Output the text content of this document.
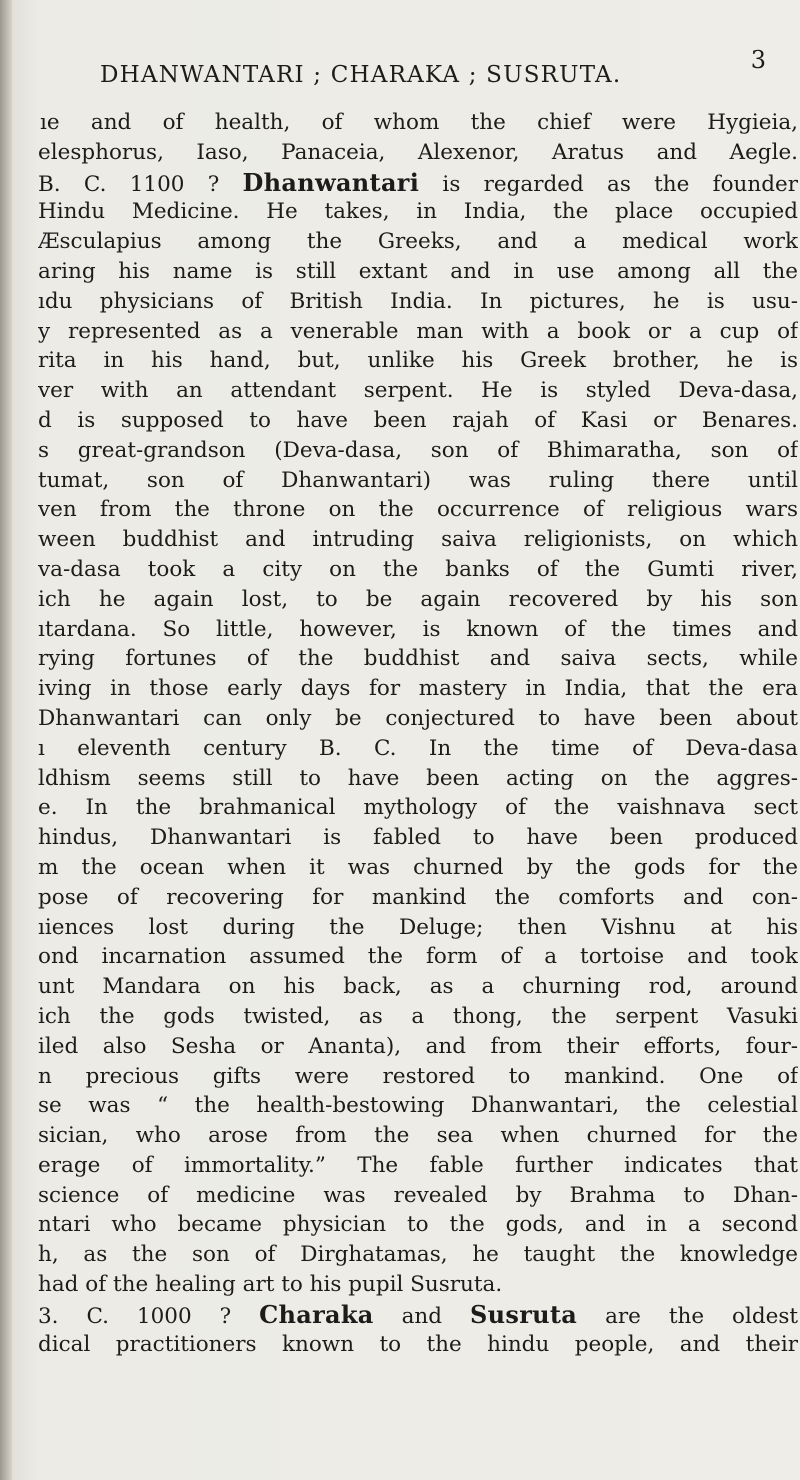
DHANWANTARI ; CHARAKA ; SUSRUTA.
3
ıe and of health, of whom the chief were Hygieia,
elesphorus, Iaso, Panaceia, Alexenor, Aratus and Aegle.
B. C. 1100 ? Dhanwantari is regarded as the founder
Hindu Medicine. He takes, in India, the place occupied
Æsculapius among the Greeks, and a medical work
aring his name is still extant and in use among all the
ıdu physicians of British India. In pictures, he is usu-
y represented as a venerable man with a book or a cup of
rita in his hand, but, unlike his Greek brother, he is
ver with an attendant serpent. He is styled Deva-dasa,
d is supposed to have been rajah of Kasi or Benares.
s great-grandson (Deva-dasa, son of Bhimaratha, son of
tumat, son of Dhanwantari) was ruling there until
ven from the throne on the occurrence of religious wars
ween buddhist and intruding saiva religionists, on which
va-dasa took a city on the banks of the Gumti river,
ich he again lost, to be again recovered by his son
ıtardana. So little, however, is known of the times and
rying fortunes of the buddhist and saiva sects, while
iving in those early days for mastery in India, that the era
Dhanwantari can only be conjectured to have been about
ı eleventh century B. C. In the time of Deva-dasa
ldhism seems still to have been acting on the aggres-
e. In the brahmanical mythology of the vaishnava sect
hindus, Dhanwantari is fabled to have been produced
m the ocean when it was churned by the gods for the
pose of recovering for mankind the comforts and con-
ıiences lost during the Deluge; then Vishnu at his
ond incarnation assumed the form of a tortoise and took
unt Mandara on his back, as a churning rod, around
ich the gods twisted, as a thong, the serpent Vasuki
iled also Sesha or Ananta), and from their efforts, four-
n precious gifts were restored to mankind. One of
se was “ the health-bestowing Dhanwantari, the celestial
sician, who arose from the sea when churned for the
erage of immortality.” The fable further indicates that
science of medicine was revealed by Brahma to Dhan-
ntari who became physician to the gods, and in a second
h, as the son of Dirghatamas, he taught the knowledge
had of the healing art to his pupil Susruta.
3. C. 1000 ? Charaka and Susruta are the oldest
dical practitioners known to the hindu people, and their
